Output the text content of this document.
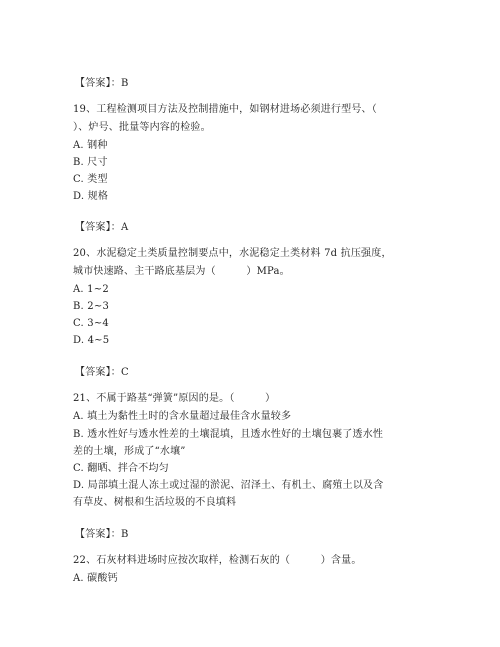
【答案】：B
19、工程检测项目方法及控制措施中，如钢材进场必须进行型号、（
）、炉号、批量等内容的检验。
A. 钢种
B. 尺寸
C. 类型
D. 规格
【答案】：A
20、水泥稳定土类质量控制要点中，水泥稳定土类材料 7d 抗压强度，
城市快速路、主干路底基层为（　　　）MPa。
A. 1~2
B. 2~3
C. 3~4
D. 4~5
【答案】：C
21、不属于路基“弹簧”原因的是。（　　　）
A. 填土为黏性土时的含水量超过最佳含水量较多
B. 透水性好与透水性差的土壤混填，且透水性好的土壤包裹了透水性
差的土壤，形成了“水壤”
C. 翻晒、拌合不均匀
D. 局部填土混人冻土或过湿的淤泥、沼泽土、有机土、腐殖土以及含
有草皮、树根和生活垃圾的不良填料
【答案】：B
22、石灰材料进场时应按次取样，检测石灰的（　　　）含量。
A. 碳酸钙
